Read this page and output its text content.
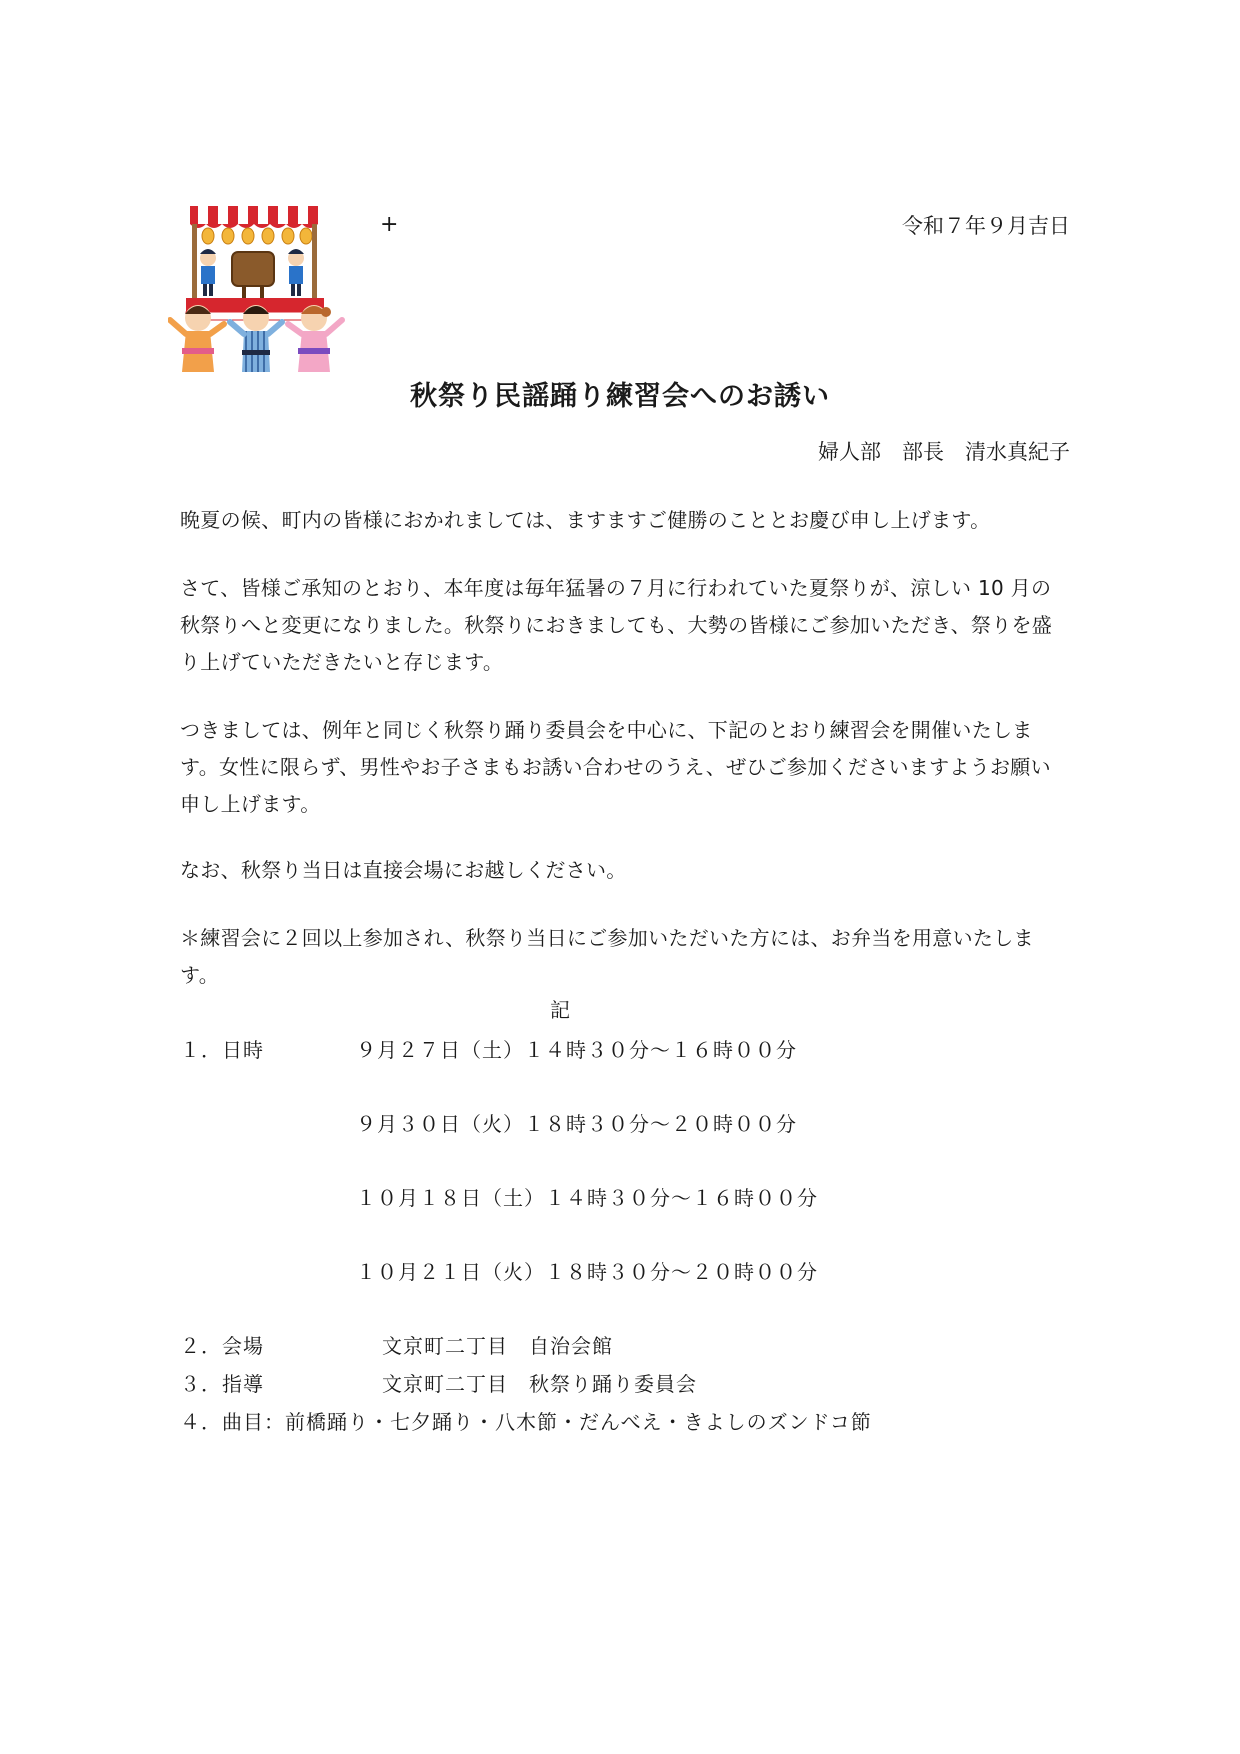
+	令和７年９月吉日
秋祭り民謡踊り練習会へのお誘い
婦人部　部長　清水真紀子
晩夏の候、町内の皆様におかれましては、ますますご健勝のこととお慶び申し上げます。
さて、皆様ご承知のとおり、本年度は毎年猛暑の７月に行われていた夏祭りが、涼しい 10 月の秋祭りへと変更になりました。秋祭りにおきましても、大勢の皆様にご参加いただき、祭りを盛り上げていただきたいと存じます。
つきましては、例年と同じく秋祭り踊り委員会を中心に、下記のとおり練習会を開催いたします。女性に限らず、男性やお子さまもお誘い合わせのうえ、ぜひご参加くださいますようお願い申し上げます。
なお、秋祭り当日は直接会場にお越しください。
＊練習会に２回以上参加され、秋祭り当日にご参加いただいた方には、お弁当を用意いたします。
記
１．日時	９月２７日（土）１４時３０分～１６時００分
９月３０日（火）１８時３０分～２０時００分
１０月１８日（土）１４時３０分～１６時００分
１０月２１日（火）１８時３０分～２０時００分
２．会場	文京町二丁目　自治会館
３．指導	文京町二丁目　秋祭り踊り委員会
４．曲目：前橋踊り・七夕踊り・八木節・だんべえ・きよしのズンドコ節
